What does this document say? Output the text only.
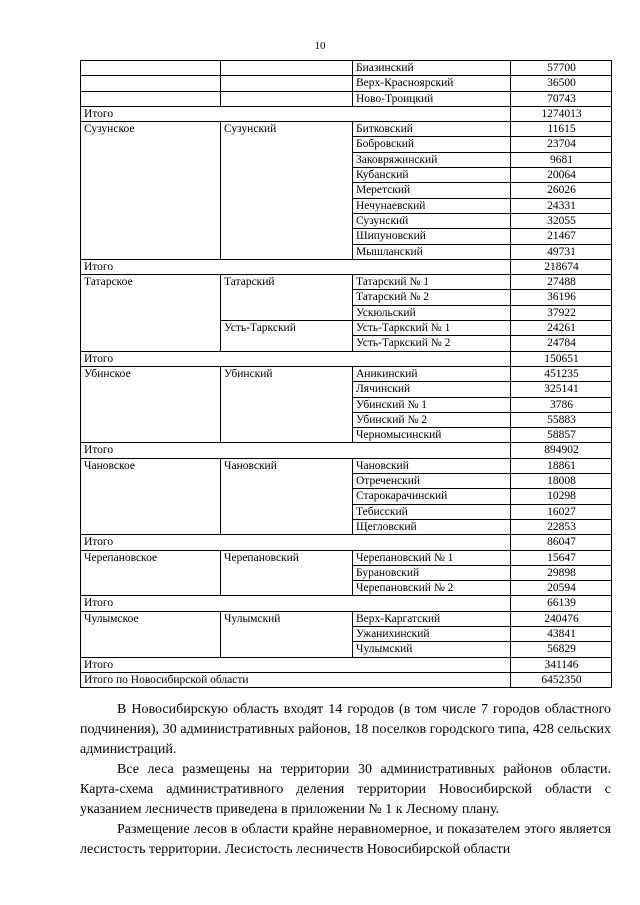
10
		Биазинский	57700
		Верх-Красноярский	36500
		Ново-Троицкий	70743
Итого			1274013
Сузунское	Сузунский	Битковский	11615
		Бобровский	23704
		Заковряжинский	9681
		Кубанский	20064
		Меретский	26026
		Нечунаевский	24331
		Сузунский	32055
		Шипуновский	21467
		Мышланский	49731
Итого			218674
Татарское	Татарский	Татарский № 1	27488
		Татарский № 2	36196
		Ускюльский	37922
	Усть-Таркский	Усть-Таркский № 1	24261
		Усть-Таркский № 2	24784
Итого			150651
Убинское	Убинский	Аникинский	451235
		Лячинский	325141
		Убинский № 1	3786
		Убинский № 2	55883
		Черномысинский	58857
Итого			894902
Чановское	Чановский	Чановский	18861
		Отреченский	18008
		Старокарачинский	10298
		Тебисский	16027
		Щегловский	22853
Итого			86047
Черепановское	Черепановский	Черепановский № 1	15647
		Бурановский	29898
		Черепановский № 2	20594
Итого			66139
Чулымское	Чулымский	Верх-Каргатский	240476
		Ужанихинский	43841
		Чулымский	56829
Итого			341146
Итого по Новосибирской области			6452350

В Новосибирскую область входят 14 городов (в том числе 7 городов областного подчинения), 30 административных районов, 18 поселков городского типа, 428 сельских администраций.

Все леса размещены на территории 30 административных районов области. Карта-схема административного деления территории Новосибирской области с указанием лесничеств приведена в приложении № 1 к Лесному плану.

Размещение лесов в области крайне неравномерное, и показателем этого является лесистость территории. Лесистость лесничеств Новосибирской области
